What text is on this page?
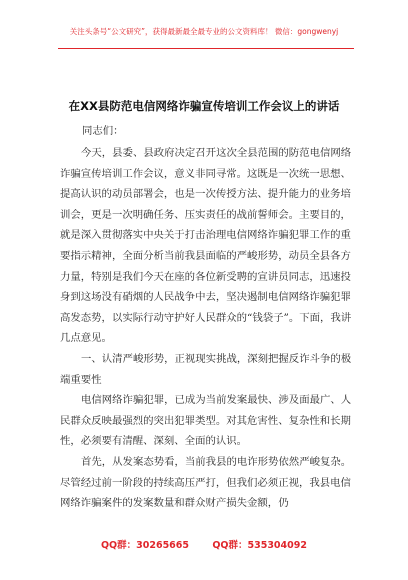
关注头条号“公文研究”，获得最新最全最专业的公文资料库！ 微信：gongwenyj
在XX县防范电信网络诈骗宣传培训工作会议上的讲话
同志们：
今天，县委、县政府决定召开这次全县范围的防范电信网络诈骗宣传培训工作会议，意义非同寻常。这既是一次统一思想、提高认识的动员部署会，也是一次传授方法、提升能力的业务培训会，更是一次明确任务、压实责任的战前誓师会。主要目的，就是深入贯彻落实中央关于打击治理电信网络诈骗犯罪工作的重要指示精神，全面分析当前我县面临的严峻形势，动员全县各方力量，特别是我们今天在座的各位新受聘的宣讲员同志，迅速投身到这场没有硝烟的人民战争中去，坚决遏制电信网络诈骗犯罪高发态势，以实际行动守护好人民群众的“钱袋子”。下面，我讲几点意见。
一、认清严峻形势，正视现实挑战，深刻把握反诈斗争的极端重要性
电信网络诈骗犯罪，已成为当前发案最快、涉及面最广、人民群众反映最强烈的突出犯罪类型。对其危害性、复杂性和长期性，必须要有清醒、深刻、全面的认识。
首先，从发案态势看，当前我县的电诈形势依然严峻复杂。尽管经过前一阶段的持续高压严打，但我们必须正视，我县电信网络诈骗案件的发案数量和群众财产损失金额，仍
QQ群：30265665 QQ群：535304092
